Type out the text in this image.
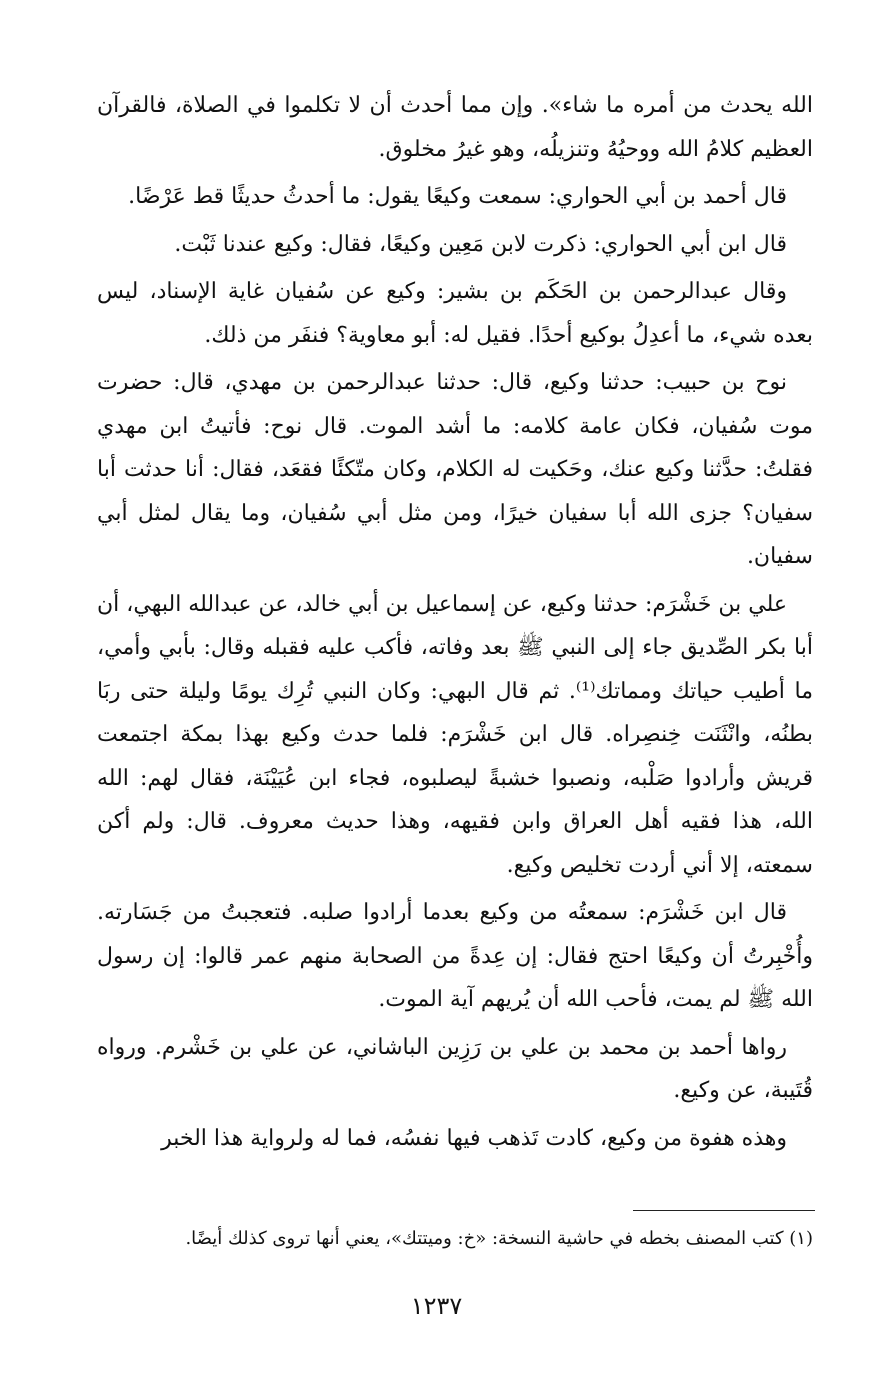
الله يحدث من أمره ما شاء». وإن مما أحدث أن لا تكلموا في الصلاة، فالقرآن العظيم كلامُ الله ووحيُهُ وتنزيلُه، وهو غيرُ مخلوق.

قال أحمد بن أبي الحواري: سمعت وكيعًا يقول: ما أحدثُ حديثًا قط عَرْضًا.

قال ابن أبي الحواري: ذكرت لابن مَعِين وكيعًا، فقال: وكيع عندنا ثَبْت.

وقال عبدالرحمن بن الحَكَم بن بشير: وكيع عن سُفيان غاية الإسناد، ليس بعده شيء، ما أعدِلُ بوكيع أحدًا. فقيل له: أبو معاوية؟ فنفَر من ذلك.

نوح بن حبيب: حدثنا وكيع، قال: حدثنا عبدالرحمن بن مهدي، قال: حضرت موت سُفيان، فكان عامة كلامه: ما أشد الموت. قال نوح: فأتيتُ ابن مهدي فقلتُ: حدَّثنا وكيع عنك، وحَكيت له الكلام، وكان متّكئًا فقعَد، فقال: أنا حدثت أبا سفيان؟ جزى الله أبا سفيان خيرًا، ومن مثل أبي سُفيان، وما يقال لمثل أبي سفيان.

علي بن خَشْرَم: حدثنا وكيع، عن إسماعيل بن أبي خالد، عن عبدالله البهي، أن أبا بكر الصِّديق جاء إلى النبي ﷺ بعد وفاته، فأكب عليه فقبله وقال: بأبي وأمي، ما أطيب حياتك ومماتك⁽¹⁾. ثم قال البهي: وكان النبي تُرِك يومًا وليلة حتى ربَا بطنُه، وانْثَنَت خِنصِراه. قال ابن خَشْرَم: فلما حدث وكيع بهذا بمكة اجتمعت قريش وأرادوا صَلْبه، ونصبوا خشبةً ليصلبوه، فجاء ابن عُيَيْنَة، فقال لهم: الله الله، هذا فقيه أهل العراق وابن فقيهه، وهذا حديث معروف. قال: ولم أكن سمعته، إلا أني أردت تخليص وكيع.

قال ابن خَشْرَم: سمعتُه من وكيع بعدما أرادوا صلبه. فتعجبتُ من جَسَارته. وأُخْبِرتُ أن وكيعًا احتج فقال: إن عِدةً من الصحابة منهم عمر قالوا: إن رسول الله ﷺ لم يمت، فأحب الله أن يُريهم آية الموت.

رواها أحمد بن محمد بن علي بن رَزِين الباشاني، عن علي بن خَشْرم. ورواه قُتَيبة، عن وكيع.

وهذه هفوة من وكيع، كادت تَذهب فيها نفسُه، فما له ولرواية هذا الخبر

(١) كتب المصنف بخطه في حاشية النسخة: «خ: وميتتك»، يعني أنها تروى كذلك أيضًا.
١٢٣٧
